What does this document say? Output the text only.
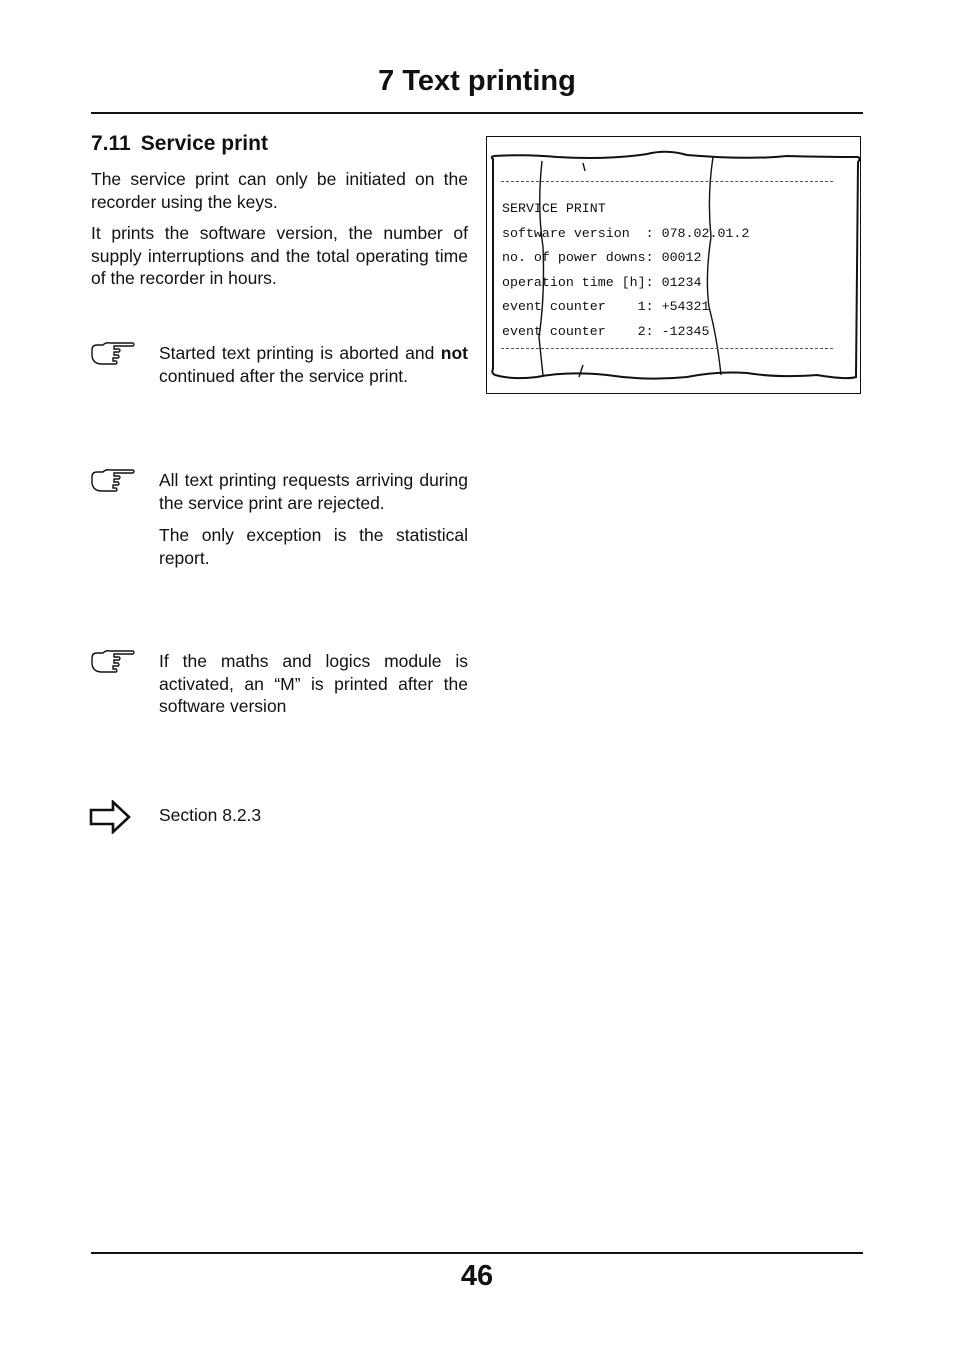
7 Text printing
7.11 Service print
The service print can only be initiated on the recorder using the keys.
It prints the software version, the number of supply interruptions and the total operating time of the recorder in hours.

Started text printing is aborted and not continued after the service print.

All text printing requests arriving during the service print are rejected.

The only exception is the statistical report.

If the maths and logics module is activated, an “M” is printed after the software version

Section 8.2.3
SERVICE PRINT
software version  : 078.02.01.2
no. of power downs: 00012
operation time [h]: 01234
event counter    1: +54321
event counter    2: -12345
46
